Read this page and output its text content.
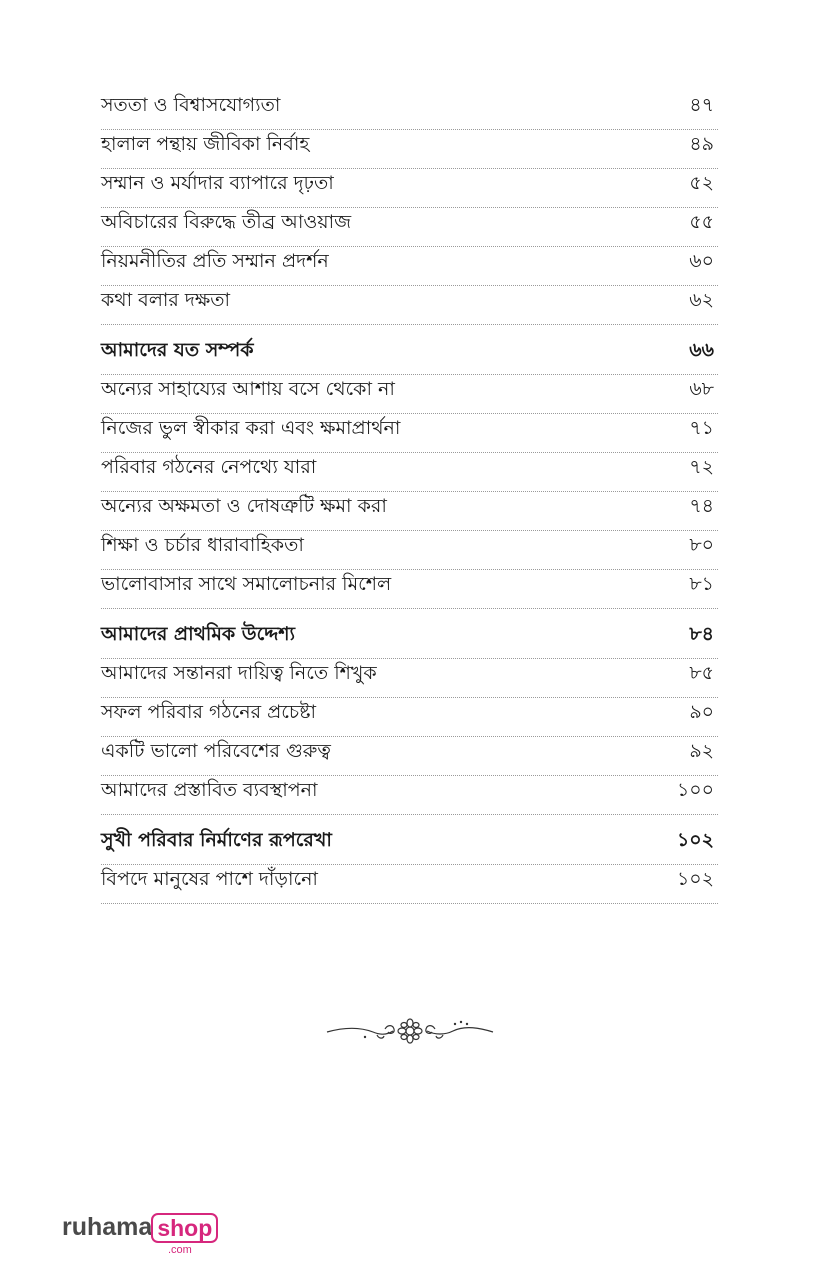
সততা ও বিশ্বাসযোগ্যতা	৪৭
হালাল পন্থায় জীবিকা নির্বাহ	৪৯
সম্মান ও মর্যাদার ব্যাপারে দৃঢ়তা	৫২
অবিচারের বিরুদ্ধে তীব্র আওয়াজ	৫৫
নিয়মনীতির প্রতি সম্মান প্রদর্শন	৬০
কথা বলার দক্ষতা	৬২
আমাদের যত সম্পর্ক	৬৬
অন্যের সাহায্যের আশায় বসে থেকো না	৬৮
নিজের ভুল স্বীকার করা এবং ক্ষমাপ্রার্থনা	৭১
পরিবার গঠনের নেপথ্যে যারা	৭২
অন্যের অক্ষমতা ও দোষত্রুটি ক্ষমা করা	৭৪
শিক্ষা ও চর্চার ধারাবাহিকতা	৮০
ভালোবাসার সাথে সমালোচনার মিশেল	৮১
আমাদের প্রাথমিক উদ্দেশ্য	৮৪
আমাদের সন্তানরা দায়িত্ব নিতে শিখুক	৮৫
সফল পরিবার গঠনের প্রচেষ্টা	৯০
একটি ভালো পরিবেশের গুরুত্ব	৯২
আমাদের প্রস্তাবিত ব্যবস্থাপনা	১০০
সুখী পরিবার নির্মাণের রূপরেখা	১০২
বিপদে মানুষের পাশে দাঁড়ানো	১০২
ruhama shop
.com
